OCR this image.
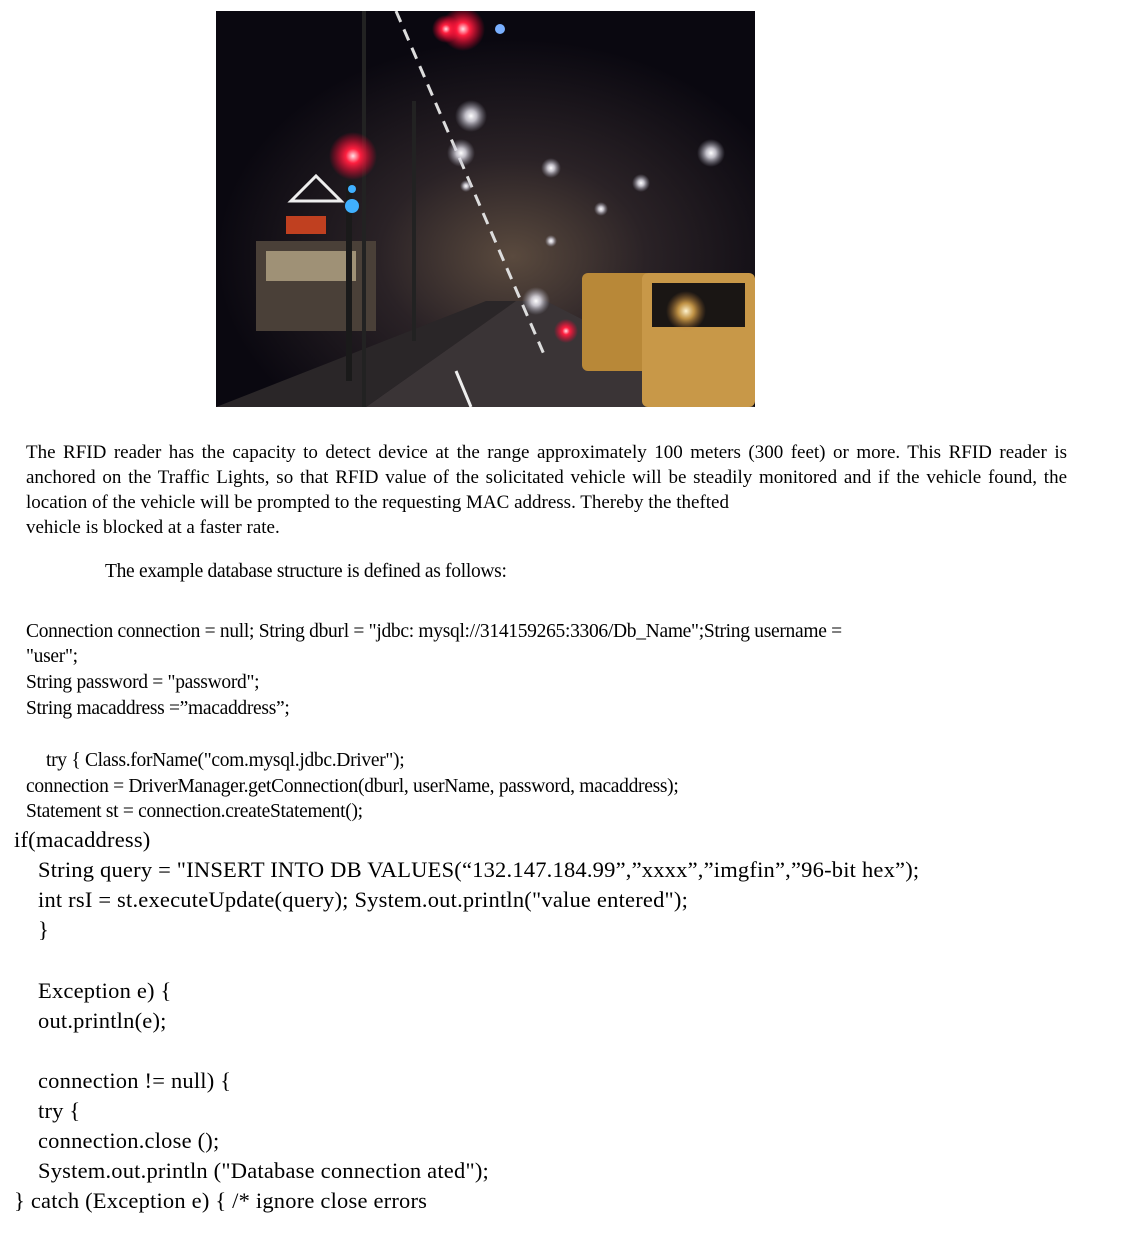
The RFID reader has the capacity to detect device at the range approximately 100 meters (300 feet) or more. This RFID reader is anchored on the Traffic Lights, so that RFID value of the solicitated vehicle will be steadily monitored and if the vehicle found, the location of the vehicle will be prompted to the requesting MAC address. Thereby the thefted
vehicle is blocked at a faster rate.

The example database structure is defined as follows:

Connection connection = null; String dburl = "jdbc: mysql://314159265:3306/Db_Name";String username =

"user";

String password = "password";

String macaddress =”macaddress”;

try { Class.forName("com.mysql.jdbc.Driver");

connection = DriverManager.getConnection(dburl, userName, password, macaddress);

Statement st = connection.createStatement();

if(macaddress)

String query = "INSERT INTO DB VALUES(“132.147.184.99”,”xxxx”,”imgfin”,”96-bit hex”);

int rsI = st.executeUpdate(query); System.out.println("value entered");

}

Exception e) {

out.println(e);

connection != null) {

try {

connection.close ();

System.out.println ("Database connection ated");

} catch (Exception e) { /* ignore close errors
